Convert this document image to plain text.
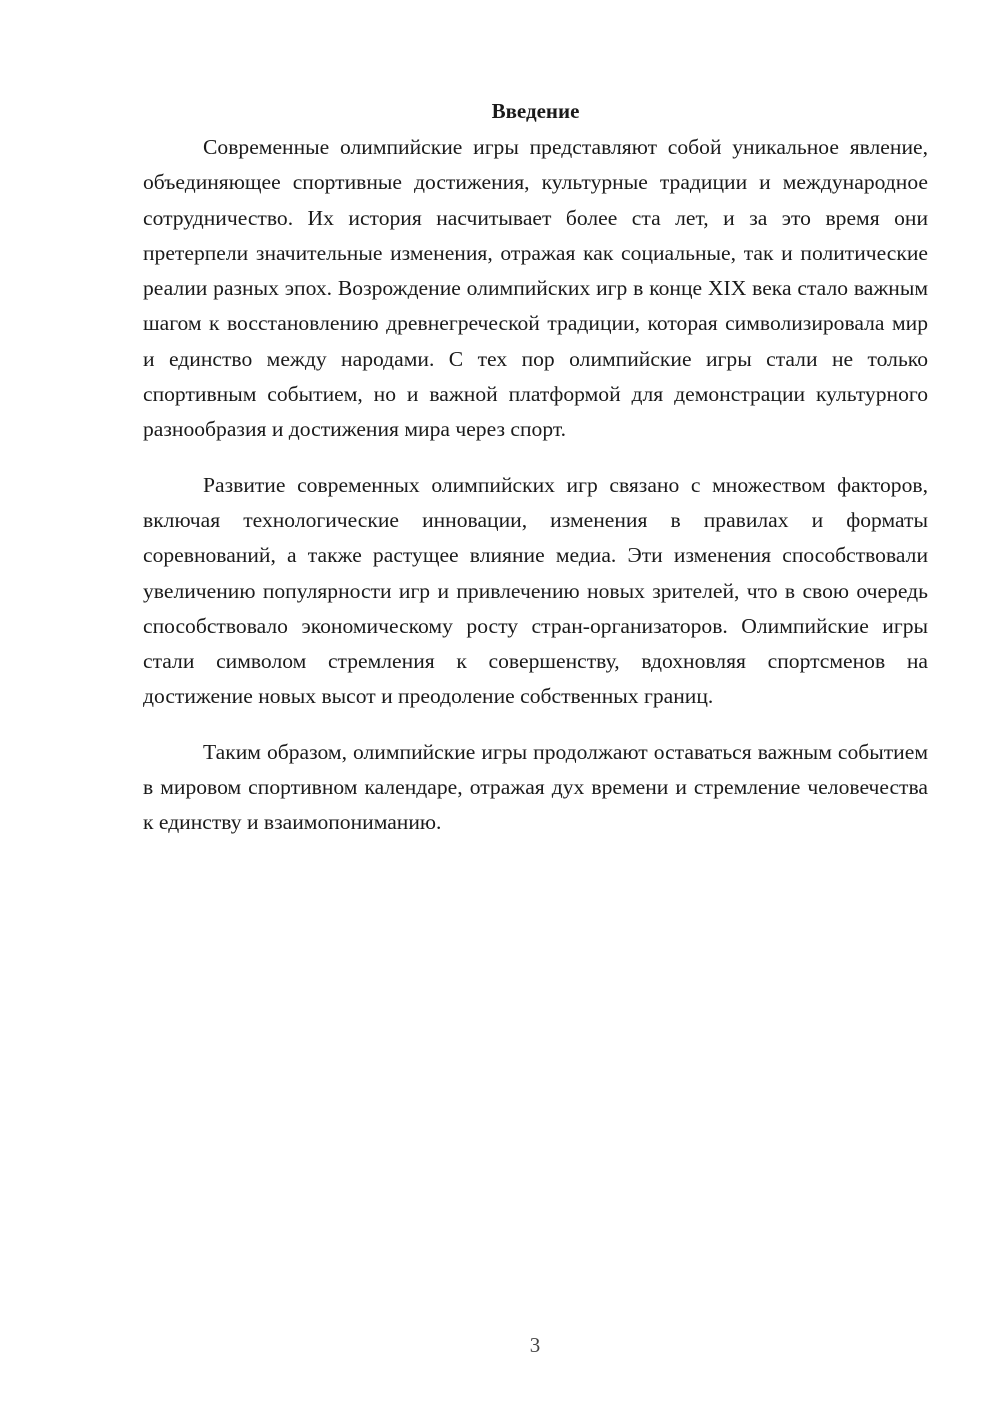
Введение

Современные олимпийские игры представляют собой уникальное явление, объединяющее спортивные достижения, культурные традиции и международное сотрудничество. Их история насчитывает более ста лет, и за это время они претерпели значительные изменения, отражая как социальные, так и политические реалии разных эпох. Возрождение олимпийских игр в конце XIX века стало важным шагом к восстановлению древнегреческой традиции, которая символизировала мир и единство между народами. С тех пор олимпийские игры стали не только спортивным событием, но и важной платформой для демонстрации культурного разнообразия и достижения мира через спорт.

Развитие современных олимпийских игр связано с множеством факторов, включая технологические инновации, изменения в правилах и форматы соревнований, а также растущее влияние медиа. Эти изменения способствовали увеличению популярности игр и привлечению новых зрителей, что в свою очередь способствовало экономическому росту стран-организаторов. Олимпийские игры стали символом стремления к совершенству, вдохновляя спортсменов на достижение новых высот и преодоление собственных границ.

Таким образом, олимпийские игры продолжают оставаться важным событием в мировом спортивном календаре, отражая дух времени и стремление человечества к единству и взаимопониманию.

3
